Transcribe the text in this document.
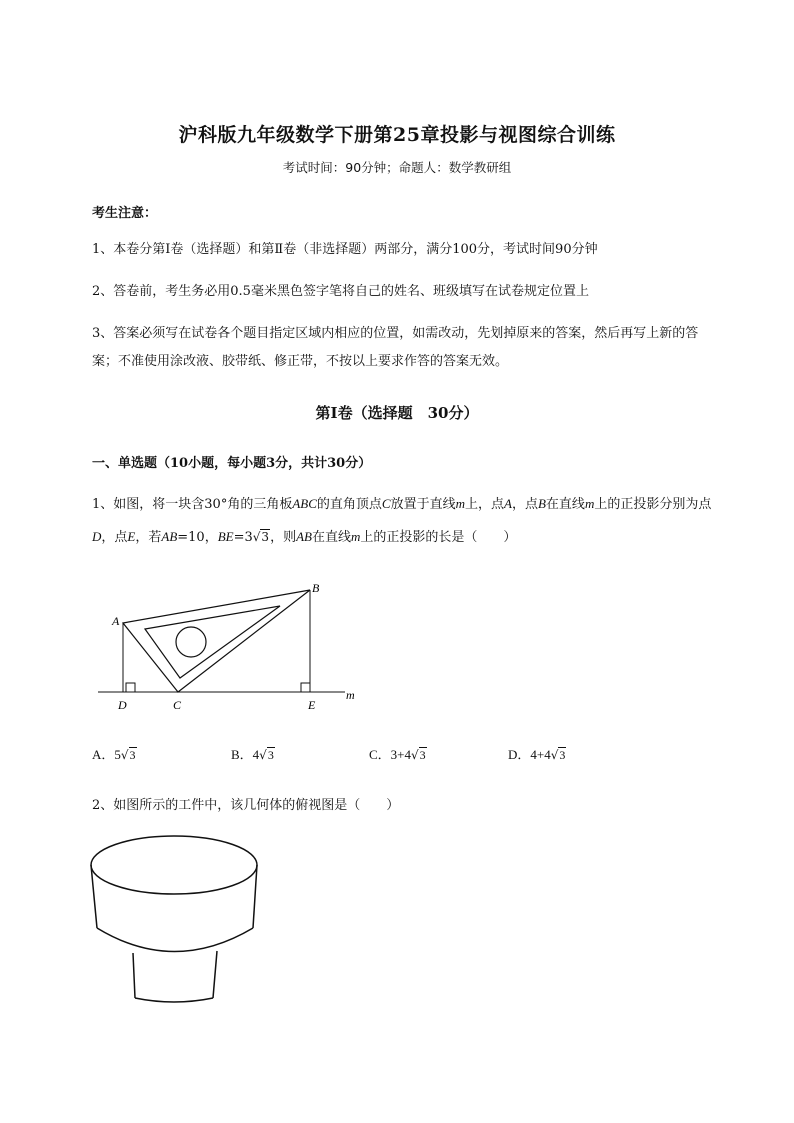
沪科版九年级数学下册第25章投影与视图综合训练
考试时间：90分钟；命题人：数学教研组
考生注意：
1、本卷分第I卷（选择题）和第Ⅱ卷（非选择题）两部分，满分100分，考试时间90分钟
2、答卷前，考生务必用0.5毫米黑色签字笔将自己的姓名、班级填写在试卷规定位置上
3、答案必须写在试卷各个题目指定区域内相应的位置，如需改动，先划掉原来的答案，然后再写上新的答案；不准使用涂改液、胶带纸、修正带，不按以上要求作答的答案无效。
第I卷（选择题　30分）
一、单选题（10小题，每小题3分，共计30分）
1、如图，将一块含30°角的三角板ABC的直角顶点C放置于直线m上，点A，点B在直线m上的正投影分别为点D，点E，若AB=10，BE=3√3，则AB在直线m上的正投影的长是（　　）
A
B
C
D	E
m
A．5√3	B．4√3	C．3+4√3	D．4+4√3
2、如图所示的工件中，该几何体的俯视图是（　　）
